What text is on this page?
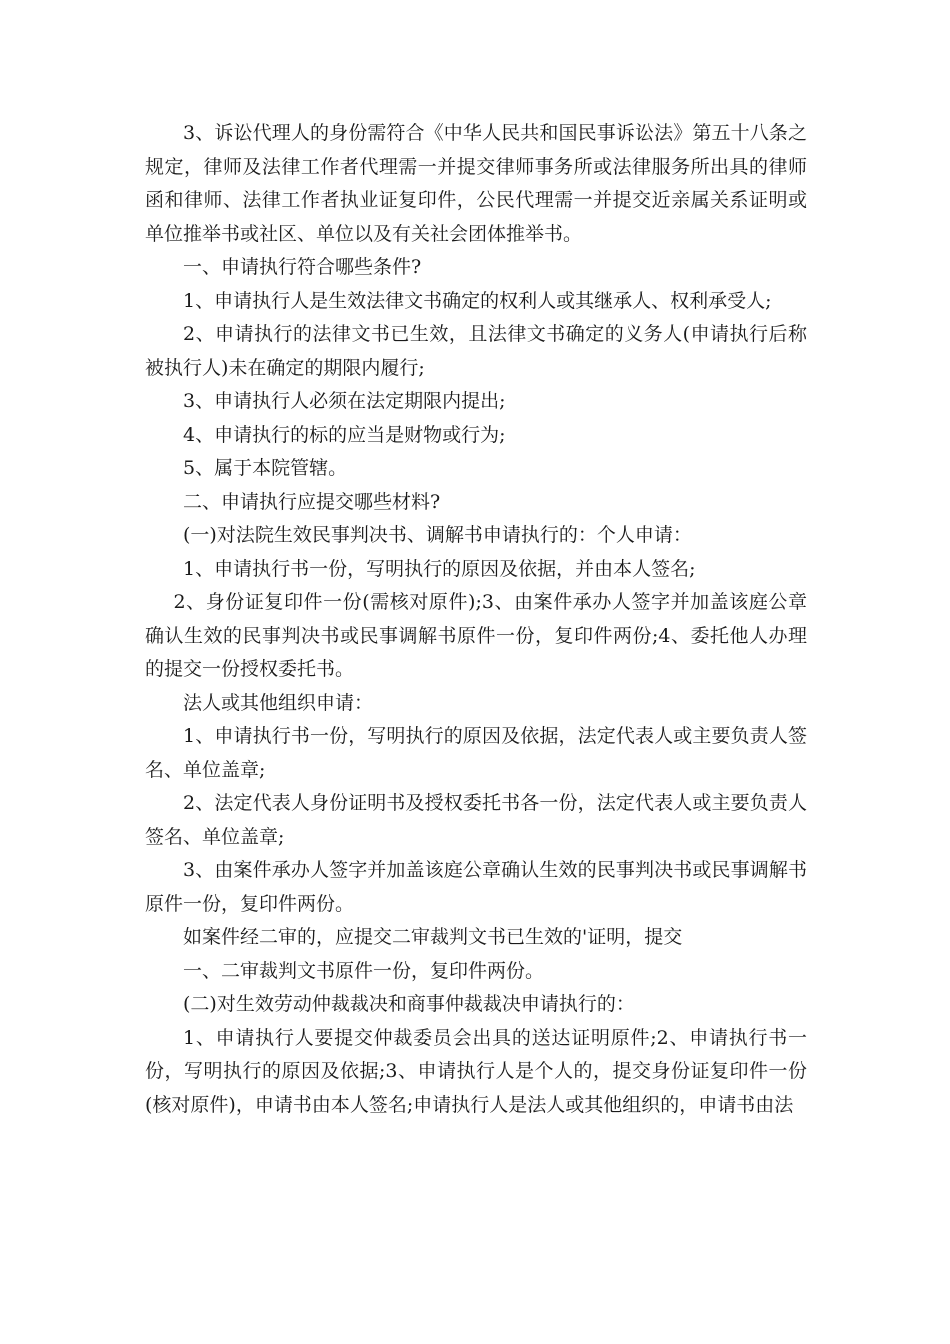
3、诉讼代理人的身份需符合《中华人民共和国民事诉讼法》第五十八条之规定，律师及法律工作者代理需一并提交律师事务所或法律服务所出具的律师函和律师、法律工作者执业证复印件，公民代理需一并提交近亲属关系证明或单位推举书或社区、单位以及有关社会团体推举书。

一、申请执行符合哪些条件?

1、申请执行人是生效法律文书确定的权利人或其继承人、权利承受人;

2、申请执行的法律文书已生效，且法律文书确定的义务人(申请执行后称被执行人)未在确定的期限内履行;

3、申请执行人必须在法定期限内提出;

4、申请执行的标的应当是财物或行为;

5、属于本院管辖。

二、申请执行应提交哪些材料?

(一)对法院生效民事判决书、调解书申请执行的：个人申请：

1、申请执行书一份，写明执行的原因及依据，并由本人签名;

2、身份证复印件一份(需核对原件);3、由案件承办人签字并加盖该庭公章确认生效的民事判决书或民事调解书原件一份，复印件两份;4、委托他人办理的提交一份授权委托书。

法人或其他组织申请：

1、申请执行书一份，写明执行的原因及依据，法定代表人或主要负责人签名、单位盖章;

2、法定代表人身份证明书及授权委托书各一份，法定代表人或主要负责人签名、单位盖章;

3、由案件承办人签字并加盖该庭公章确认生效的民事判决书或民事调解书原件一份，复印件两份。

如案件经二审的，应提交二审裁判文书已生效的'证明，提交

一、二审裁判文书原件一份，复印件两份。

(二)对生效劳动仲裁裁决和商事仲裁裁决申请执行的：

1、申请执行人要提交仲裁委员会出具的送达证明原件;2、申请执行书一份，写明执行的原因及依据;3、申请执行人是个人的，提交身份证复印件一份(核对原件)，申请书由本人签名;申请执行人是法人或其他组织的，申请书由法
